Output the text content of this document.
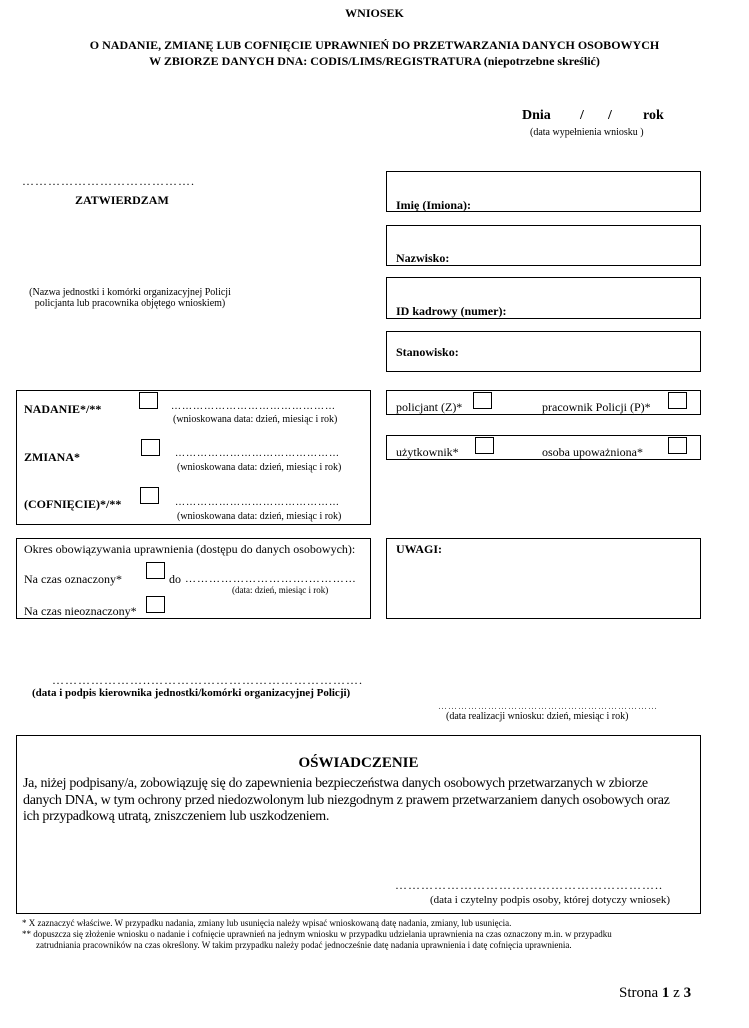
WNIOSEK
O NADANIE, ZMIANĘ LUB COFNIĘCIE UPRAWNIEŃ DO PRZETWARZANIA DANYCH OSOBOWYCH
W ZBIORZE DANYCH DNA: CODIS/LIMS/REGISTRATURA (niepotrzebne skreślić)
Dnia / / rok
(data wypełnienia wniosku )
………………………………….
ZATWIERDZAM
(Nazwa jednostki i komórki organizacyjnej Policji
policjanta lub pracownika objętego wnioskiem)
Imię (Imiona):
Nazwisko:
ID kadrowy (numer):
Stanowisko:
NADANIE*/**	………………………………………
(wnioskowana data: dzień, miesiąc i rok)
ZMIANA*	………………………………………
(wnioskowana data: dzień, miesiąc i rok)
(COFNIĘCIE)*/**	………………………………………
(wnioskowana data: dzień, miesiąc i rok)
policjant (Z)*	pracownik Policji (P)*
użytkownik*	osoba upoważniona*
Okres obowiązywania uprawnienia (dostępu do danych osobowych):
Na czas oznaczony*	do ………………………….…………
(data: dzień, miesiąc i rok)
Na czas nieoznaczony*
UWAGI:
…………………..………………………………………….
(data i podpis kierownika jednostki/komórki organizacyjnej Policji)
…………………………………………………………
(data realizacji wniosku: dzień, miesiąc i rok)
OŚWIADCZENIE
Ja, niżej podpisany/a, zobowiązuję się do zapewnienia bezpieczeństwa danych osobowych przetwarzanych w zbiorze
danych DNA, w tym ochrony przed niedozwolonym lub niezgodnym z prawem przetwarzaniem danych osobowych oraz
ich przypadkową utratą, zniszczeniem lub uszkodzeniem.
……………………………………………………..
(data i czytelny podpis osoby, której dotyczy wniosek)
* X zaznaczyć właściwe. W przypadku nadania, zmiany lub usunięcia należy wpisać wnioskowaną datę nadania, zmiany, lub usunięcia.
** dopuszcza się złożenie wniosku o nadanie i cofnięcie uprawnień na jednym wniosku w przypadku udzielania uprawnienia na czas oznaczony m.in. w przypadku
zatrudniania pracowników na czas określony. W takim przypadku należy podać jednocześnie datę nadania uprawnienia i datę cofnięcia uprawnienia.
Strona 1 z 3
